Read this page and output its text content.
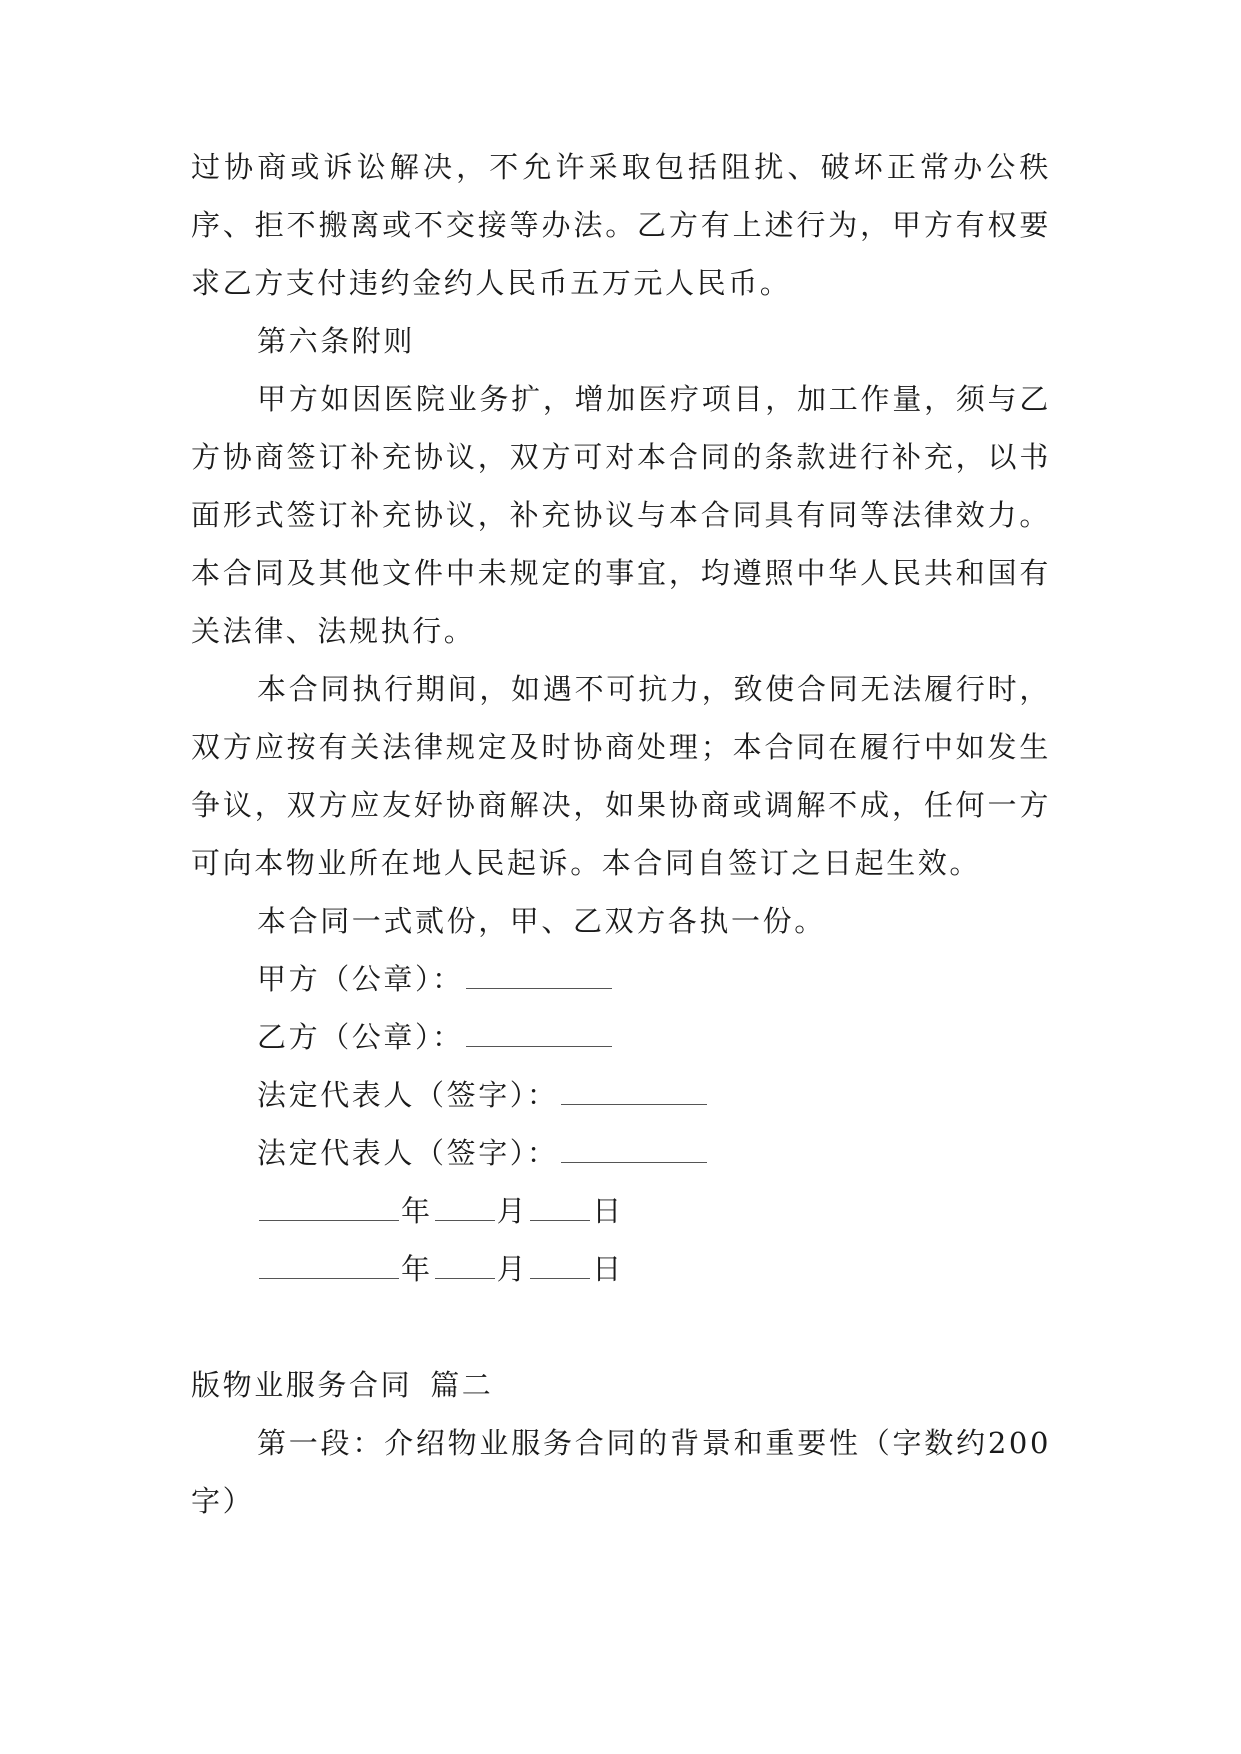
过协商或诉讼解决，不允许采取包括阻扰、破坏正常办公秩序、拒不搬离或不交接等办法。乙方有上述行为，甲方有权要求乙方支付违约金约人民币五万元人民币。

第六条附则

甲方如因医院业务扩，增加医疗项目，加工作量，须与乙方协商签订补充协议，双方可对本合同的条款进行补充，以书面形式签订补充协议，补充协议与本合同具有同等法律效力。本合同及其他文件中未规定的事宜，均遵照中华人民共和国有关法律、法规执行。

本合同执行期间，如遇不可抗力，致使合同无法履行时，双方应按有关法律规定及时协商处理；本合同在履行中如发生争议，双方应友好协商解决，如果协商或调解不成，任何一方可向本物业所在地人民起诉。本合同自签订之日起生效。

本合同一式贰份，甲、乙双方各执一份。

甲方（公章）：

乙方（公章）：

法定代表人（签字）：

法定代表人（签字）：

年 月 日

年 月 日

版物业服务合同 篇二

第一段：介绍物业服务合同的背景和重要性（字数约200字）
